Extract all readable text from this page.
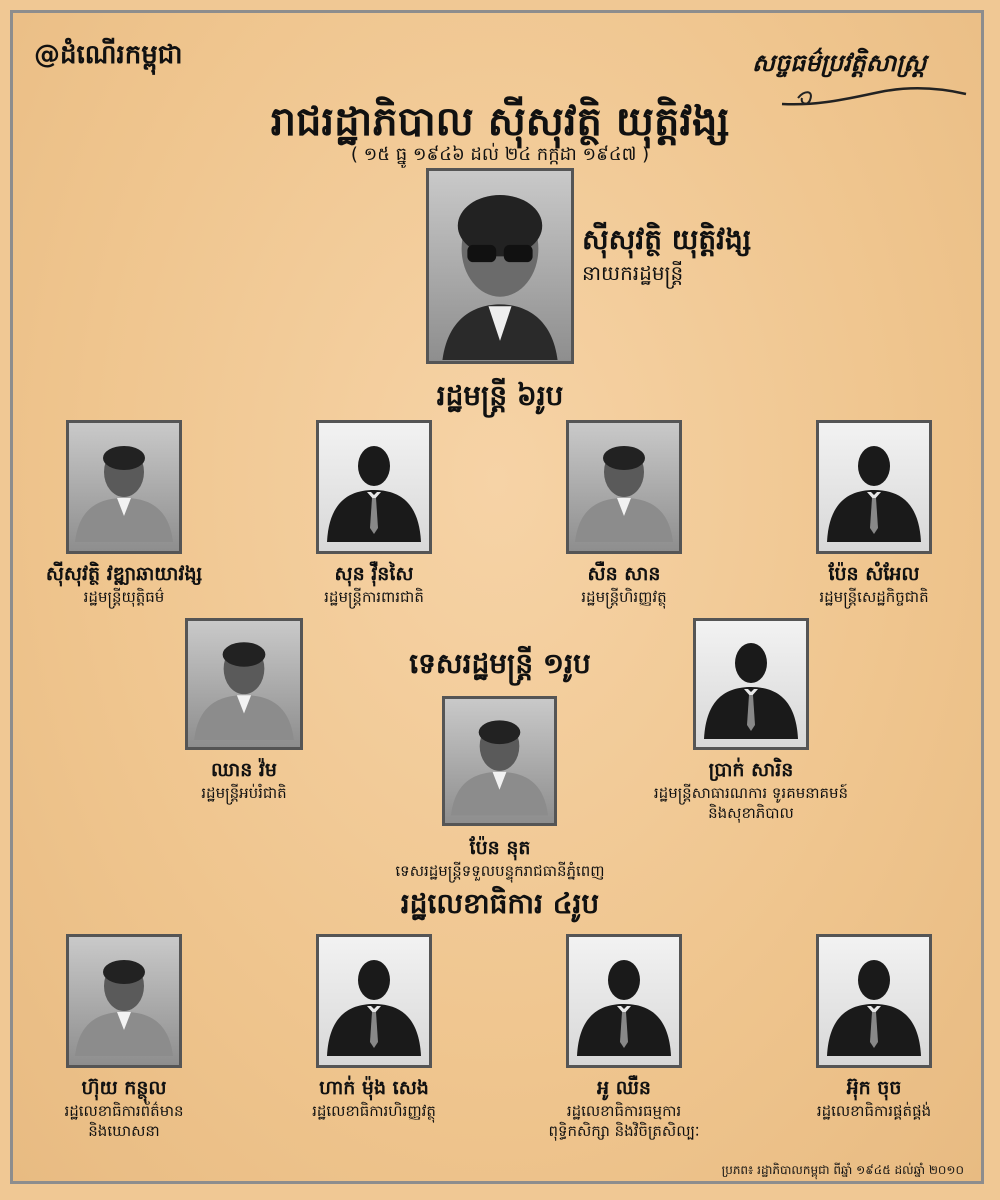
@ដំណើរកម្ពុជា	សច្ចធម៌ប្រវត្តិសាស្ត្រ
រាជរដ្ឋាភិបាល ស៊ីសុវត្ថិ យុត្តិវង្ស
( ១៥ ធ្នូ ១៩៤៦ ដល់ ២៤ កក្កដា ១៩៤៧ )
ស៊ីសុវត្ថិ យុត្តិវង្ស
នាយករដ្ឋមន្ត្រី
រដ្ឋមន្ត្រី ៦រូប
ទេសរដ្ឋមន្ត្រី ១រូប
ប៉ែន នុត
ទេសរដ្ឋមន្ត្រីទទួលបន្ទុករាជធានីភ្នំពេញ
រដ្ឋលេខាធិការ ៤រូប
ប្រភព៖ រដ្ឋាភិបាលកម្ពុជា ពីឆ្នាំ ១៩៤៥ ដល់ឆ្នាំ ២០១០
ស៊ីសុវត្ថិ វឌ្ឍាឆាយាវង្ស
រដ្ឋមន្ត្រីយុត្តិធម៌
សុន វ៉ឺនសៃ
រដ្ឋមន្ត្រីការពារជាតិ
សឺន សាន
រដ្ឋមន្ត្រីហិរញ្ញវត្ថុ
ប៉ែន សំអែល
រដ្ឋមន្ត្រីសេដ្ឋកិច្ចជាតិ
ឈាន វ៉ម
រដ្ឋមន្ត្រីអប់រំជាតិ
ប្រាក់ សារិន
រដ្ឋមន្ត្រីសាធារណការ ទូរគមនាគមន៍
និងសុខាភិបាល
ហ៊ុយ កន្ថុល
រដ្ឋលេខាធិការព័ត៌មាន
និងឃោសនា
ហាក់ ម៉ុង សេង
រដ្ឋលេខាធិការហិរញ្ញវត្ថុ
អូ ឈឺន
រដ្ឋលេខាធិការធម្មការ
ពុទ្ធិកសិក្សា និងវិចិត្រសិល្បៈ
អ៊ុក ចុច
រដ្ឋលេខាធិការផ្គត់ផ្គង់
